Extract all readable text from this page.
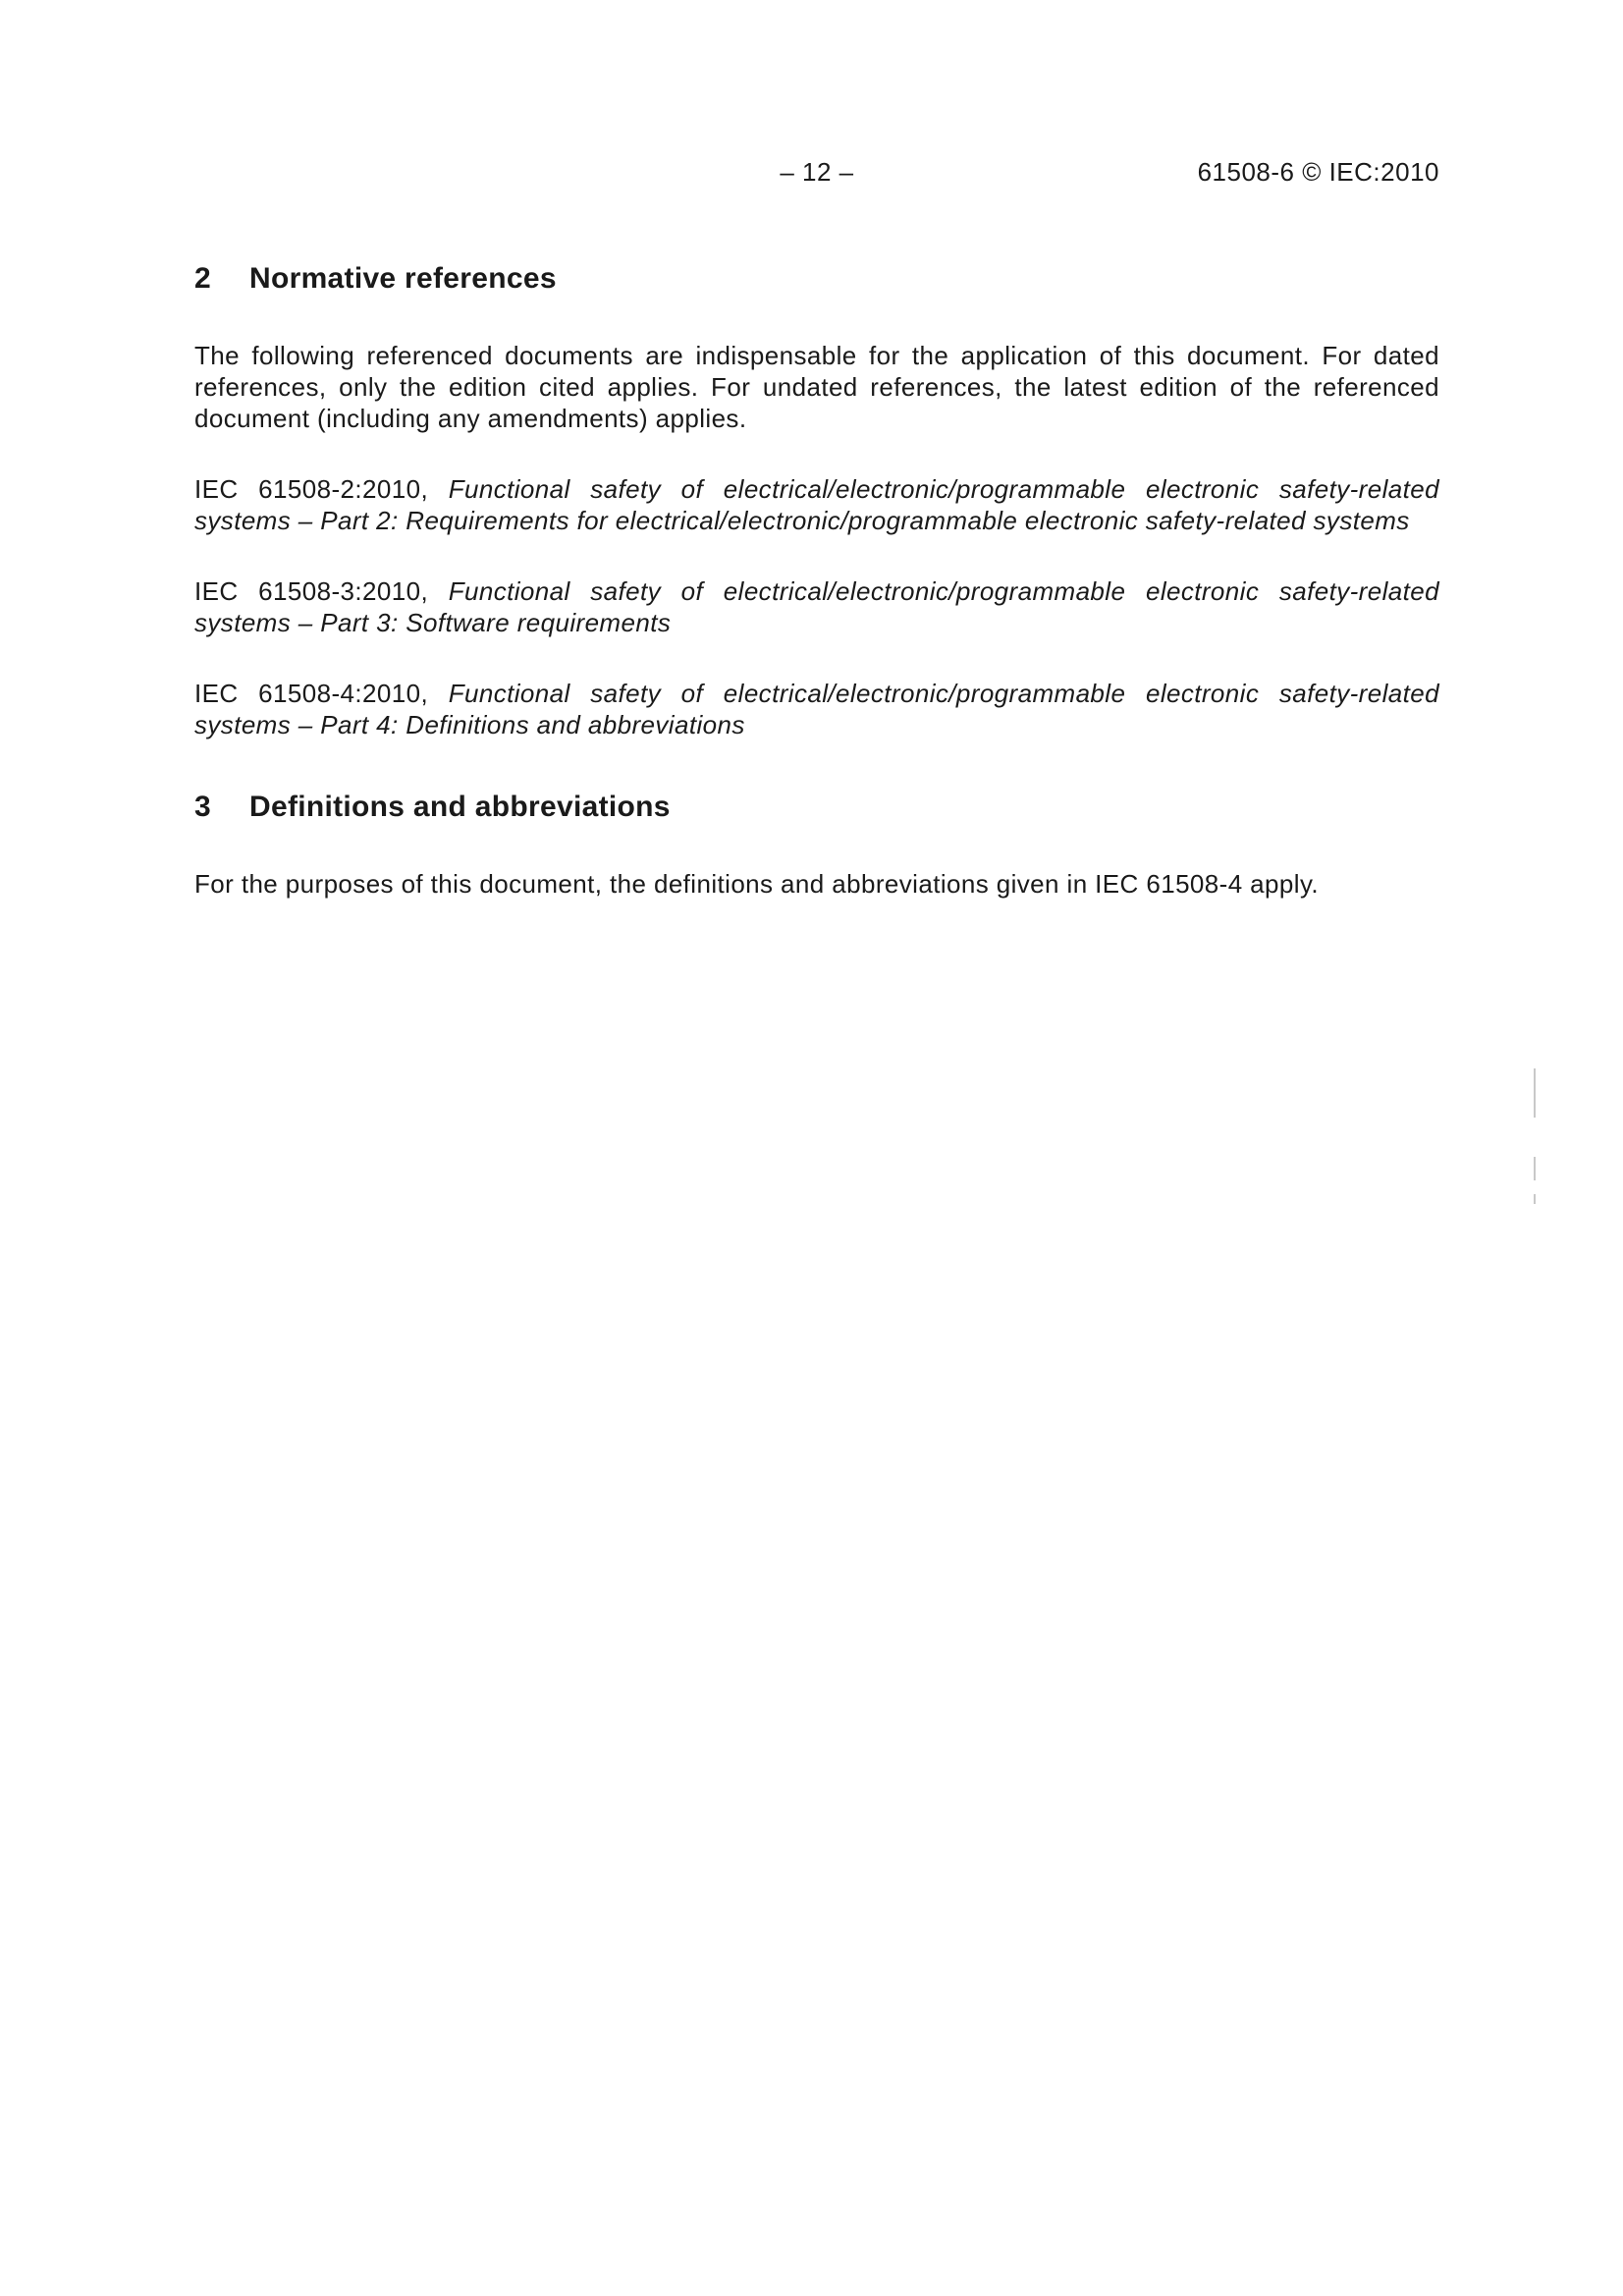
– 12 –	61508-6 © IEC:2010
2 Normative references

The following referenced documents are indispensable for the application of this document. For dated references, only the edition cited applies. For undated references, the latest edition of the referenced document (including any amendments) applies.

IEC 61508-2:2010, Functional safety of electrical/electronic/programmable electronic safety-related systems – Part 2: Requirements for electrical/electronic/programmable electronic safety-related systems

IEC 61508-3:2010, Functional safety of electrical/electronic/programmable electronic safety-related systems – Part 3: Software requirements

IEC 61508-4:2010, Functional safety of electrical/electronic/programmable electronic safety-related systems – Part 4: Definitions and abbreviations

3 Definitions and abbreviations

For the purposes of this document, the definitions and abbreviations given in IEC 61508-4 apply.
